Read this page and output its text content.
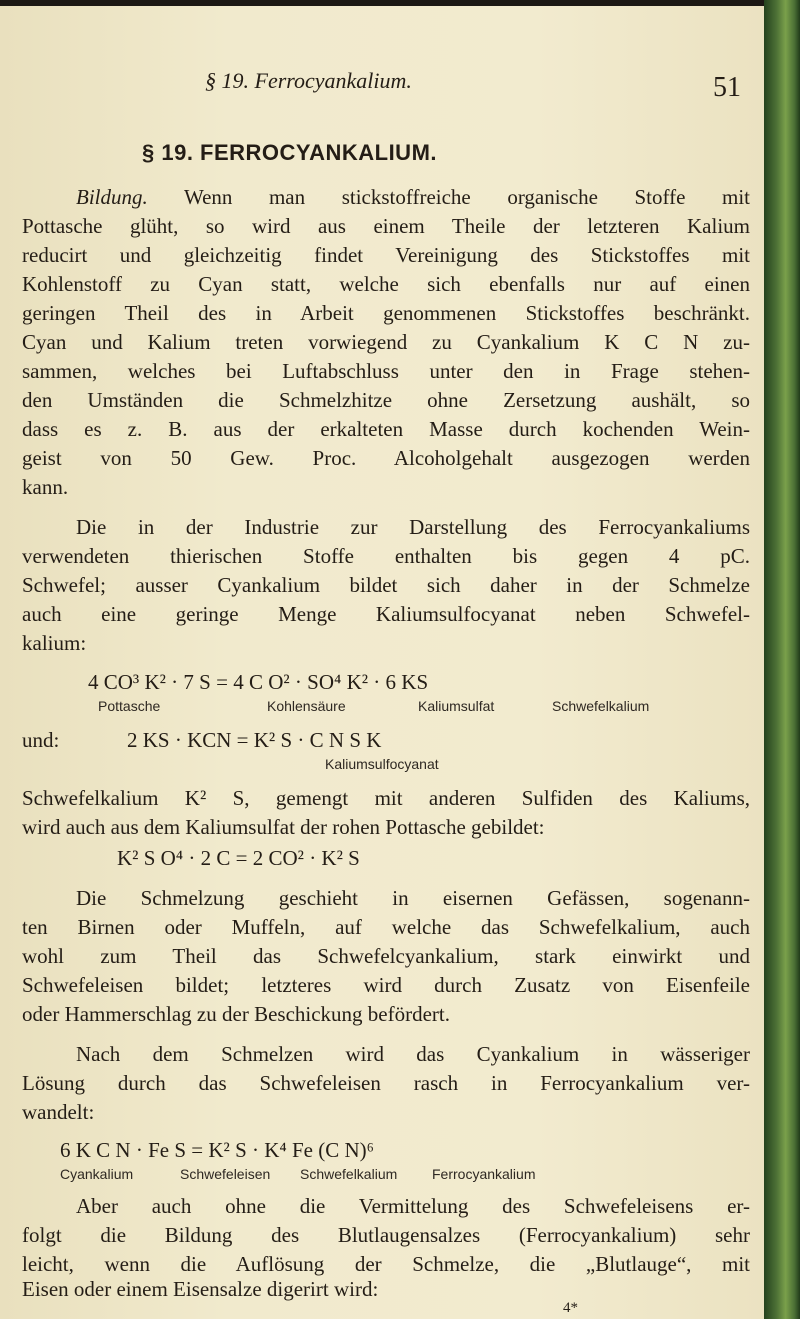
§ 19. Ferrocyankalium.	51
§ 19. FERROCYANKALIUM.
Bildung. Wenn man stickstoffreiche organische Stoffe mit
Pottasche glüht, so wird aus einem Theile der letzteren Kalium
reducirt und gleichzeitig findet Vereinigung des Stickstoffes mit
Kohlenstoff zu Cyan statt, welche sich ebenfalls nur auf einen
geringen Theil des in Arbeit genommenen Stickstoffes beschränkt.
Cyan und Kalium treten vorwiegend zu Cyankalium K C N zu-
sammen, welches bei Luftabschluss unter den in Frage stehen-
den Umständen die Schmelzhitze ohne Zersetzung aushält, so
dass es z. B. aus der erkalteten Masse durch kochenden Wein-
geist von 50 Gew. Proc. Alcoholgehalt ausgezogen werden
kann.
Die in der Industrie zur Darstellung des Ferrocyankaliums
verwendeten thierischen Stoffe enthalten bis gegen 4 pC.
Schwefel; ausser Cyankalium bildet sich daher in der Schmelze
auch eine geringe Menge Kaliumsulfocyanat neben Schwefel-
kalium:
4 CO³ K² · 7 S = 4 C O² · SO⁴ K² · 6 KS
Pottasche	Kohlensäure	Kaliumsulfat	Schwefelkalium
und:	2 KS · KCN = K² S · C N S K
Kaliumsulfocyanat
Schwefelkalium K² S, gemengt mit anderen Sulfiden des Kaliums,
wird auch aus dem Kaliumsulfat der rohen Pottasche gebildet:
K² S O⁴ · 2 C = 2 CO² · K² S
Die Schmelzung geschieht in eisernen Gefässen, sogenann-
ten Birnen oder Muffeln, auf welche das Schwefelkalium, auch
wohl zum Theil das Schwefelcyankalium, stark einwirkt und
Schwefeleisen bildet; letzteres wird durch Zusatz von Eisenfeile
oder Hammerschlag zu der Beschickung befördert.
Nach dem Schmelzen wird das Cyankalium in wässeriger
Lösung durch das Schwefeleisen rasch in Ferrocyankalium ver-
wandelt:
6 K C N · Fe S = K² S · K⁴ Fe (C N)⁶
Cyankalium	Schwefeleisen Schwefelkalium Ferrocyankalium
Aber auch ohne die Vermittelung des Schwefeleisens er-
folgt die Bildung des Blutlaugensalzes (Ferrocyankalium) sehr
leicht, wenn die Auflösung der Schmelze, die „Blutlauge“, mit
Eisen oder einem Eisensalze digerirt wird:
4*
